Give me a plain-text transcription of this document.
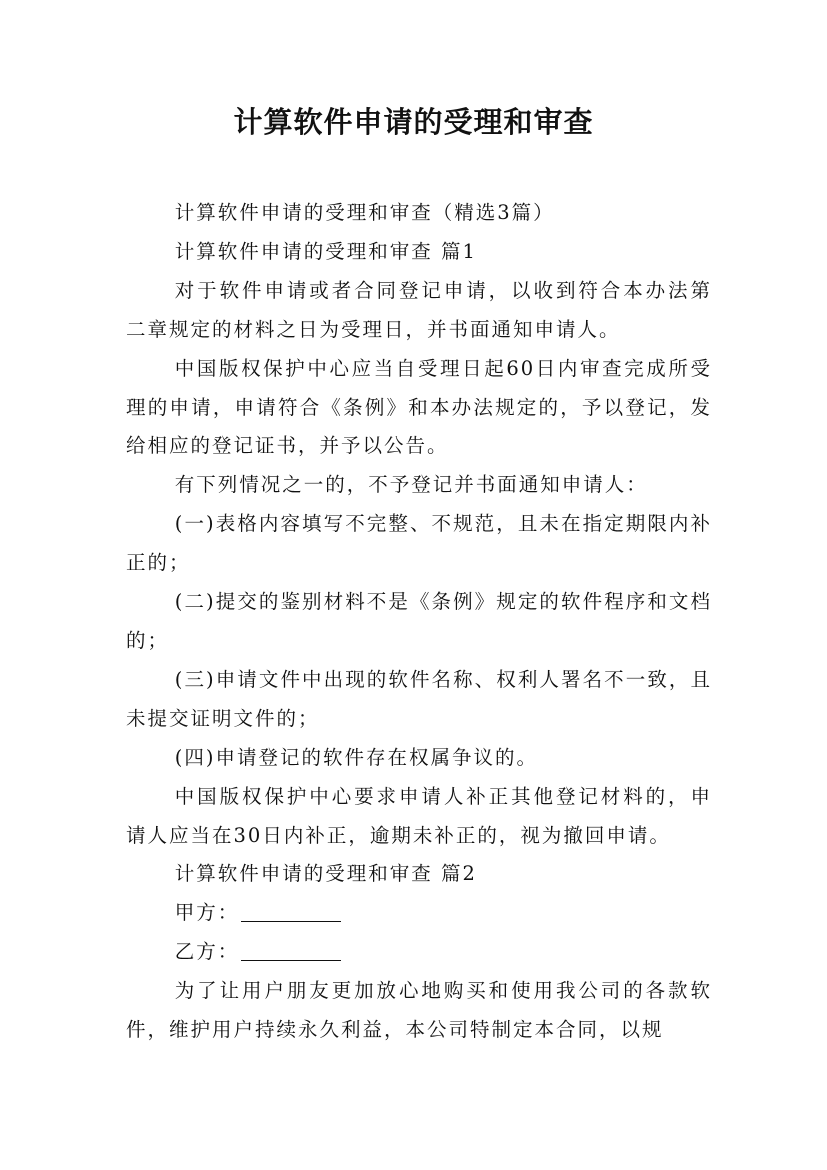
计算软件申请的受理和审查

计算软件申请的受理和审查（精选3篇）

计算软件申请的受理和审查 篇1

对于软件申请或者合同登记申请，以收到符合本办法第二章规定的材料之日为受理日，并书面通知申请人。

中国版权保护中心应当自受理日起60日内审查完成所受理的申请，申请符合《条例》和本办法规定的，予以登记，发给相应的登记证书，并予以公告。

有下列情况之一的，不予登记并书面通知申请人：

(一)表格内容填写不完整、不规范，且未在指定期限内补正的；

(二)提交的鉴别材料不是《条例》规定的软件程序和文档的；

(三)申请文件中出现的软件名称、权利人署名不一致，且未提交证明文件的；

(四)申请登记的软件存在权属争议的。

中国版权保护中心要求申请人补正其他登记材料的，申请人应当在30日内补正，逾期未补正的，视为撤回申请。

计算软件申请的受理和审查 篇2

甲方：

乙方：

为了让用户朋友更加放心地购买和使用我公司的各款软件，维护用户持续永久利益，本公司特制定本合同，以规
